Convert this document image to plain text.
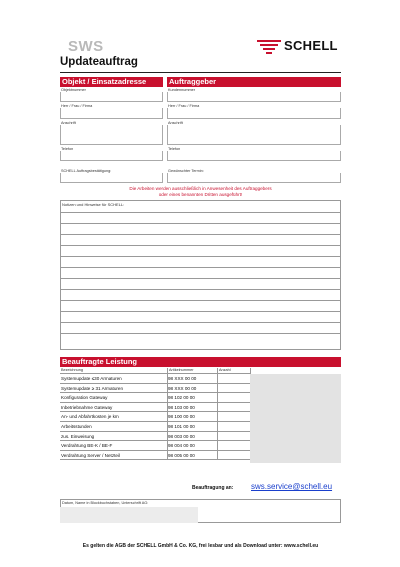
SWS	SCHELL
Updateauftrag
Objekt / Einsatzadresse	Auftraggeber
Objektnummer
Herr / Frau / Firma
Anschrift
Telefon
SCHELL Auftragsbestätigung:
Kundennummer
Herr / Frau / Firma
Anschrift
Telefon
Gewünschter Termin:
Die Arbeiten werden ausschließlich in Anwesenheit des Auftraggebers
oder eines benannten Dritten ausgeführt!
Notizen und Hinweise für SCHELL:
Beauftragte Leistung
Bezeichnung	Artikelnummer	Anzahl
Systemupdate ≤30 Armaturen	98 XXX 00 00
Systemupdate ≥ 31 Armaturen	98 XXX 00 00
Konfiguration Gateway	98 102 00 00
Inbetriebnahme Gateway	98 103 00 00
An- und Abfahrtkosten je km	98 100 00 00
Arbeitsstunden	98 101 00 00
zus. Einweisung	98 003 00 00
Verdrahtung BE-K / BE-F	98 004 00 00
Verdrahtung Server / Netzteil	98 005 00 00
Beauftragung an: sws.service@schell.eu
Datum, Name in Blockbuchstaben, Unterschrift AG:
Es gelten die AGB der SCHELL GmbH & Co. KG, frei lesbar und als Download unter: www.schell.eu
